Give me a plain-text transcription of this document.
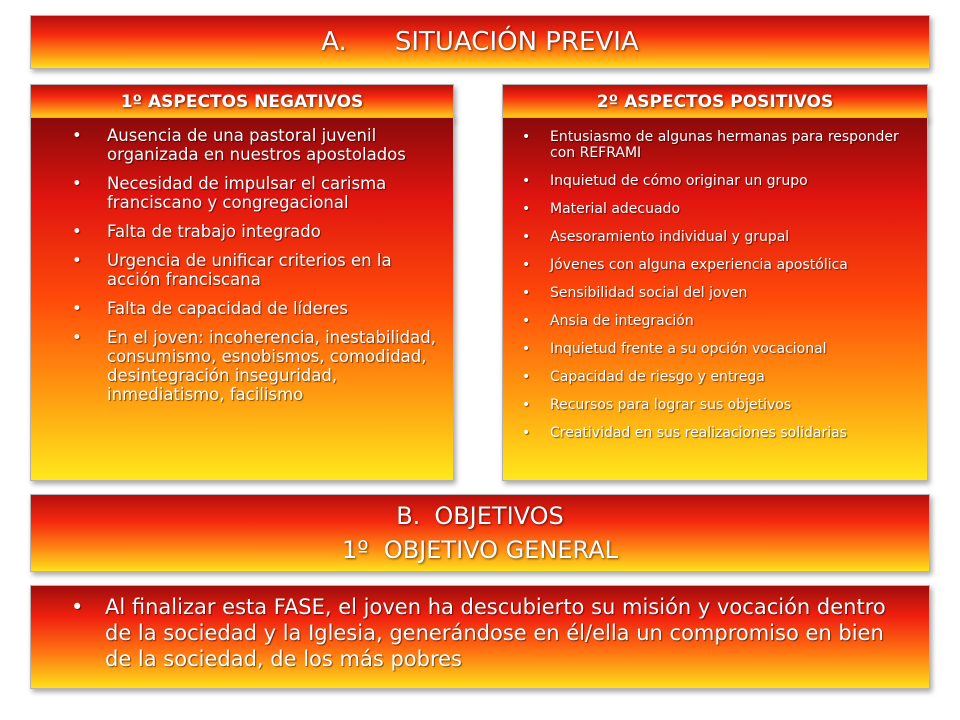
A. SITUACIÓN PREVIA
1º ASPECTOS NEGATIVOS
• Ausencia de una pastoral juvenil organizada en nuestros apostolados
• Necesidad de impulsar el carisma franciscano y congregacional
• Falta de trabajo integrado
• Urgencia de unificar criterios en la acción franciscana
• Falta de capacidad de líderes
• En el joven: incoherencia, inestabilidad, consumismo, esnobismos, comodidad, desintegración inseguridad, inmediatismo, facilismo
2º ASPECTOS POSITIVOS
• Entusiasmo de algunas hermanas para responder con REFRAMI
• Inquietud de cómo originar un grupo
• Material adecuado
• Asesoramiento individual y grupal
• Jóvenes con alguna experiencia apostólica
• Sensibilidad social del joven
• Ansia de integración
• Inquietud frente a su opción vocacional
• Capacidad de riesgo y entrega
• Recursos para lograr sus objetivos
• Creatividad en sus realizaciones solidarias
B. OBJETIVOS
1º  OBJETIVO GENERAL
• Al finalizar esta FASE, el joven ha descubierto su misión y vocación dentro de la sociedad y la Iglesia, generándose en él/ella un compromiso en bien de la sociedad, de los más pobres
